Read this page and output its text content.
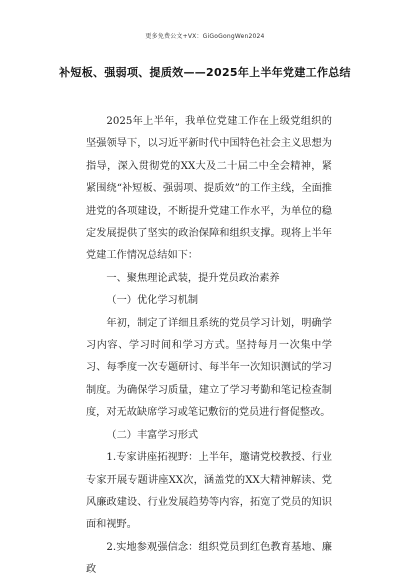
更多免费公文+VX：GiGoGongWen2024
补短板、强弱项、提质效——2025年上半年党建工作总结

2025年上半年，我单位党建工作在上级党组织的坚强领导下，以习近平新时代中国特色社会主义思想为指导，深入贯彻党的XX大及二十届二中全会精神，紧紧围绕“补短板、强弱项、提质效”的工作主线，全面推进党的各项建设，不断提升党建工作水平，为单位的稳定发展提供了坚实的政治保障和组织支撑。现将上半年党建工作情况总结如下：

一、聚焦理论武装，提升党员政治素养

（一）优化学习机制

年初，制定了详细且系统的党员学习计划，明确学习内容、学习时间和学习方式。坚持每月一次集中学习、每季度一次专题研讨、每半年一次知识测试的学习制度。为确保学习质量，建立了学习考勤和笔记检查制度，对无故缺席学习或笔记敷衍的党员进行督促整改。

（二）丰富学习形式

1.专家讲座拓视野：上半年，邀请党校教授、行业专家开展专题讲座XX次，涵盖党的XX大精神解读、党风廉政建设、行业发展趋势等内容，拓宽了党员的知识面和视野。

2.实地参观强信念：组织党员到红色教育基地、廉政
